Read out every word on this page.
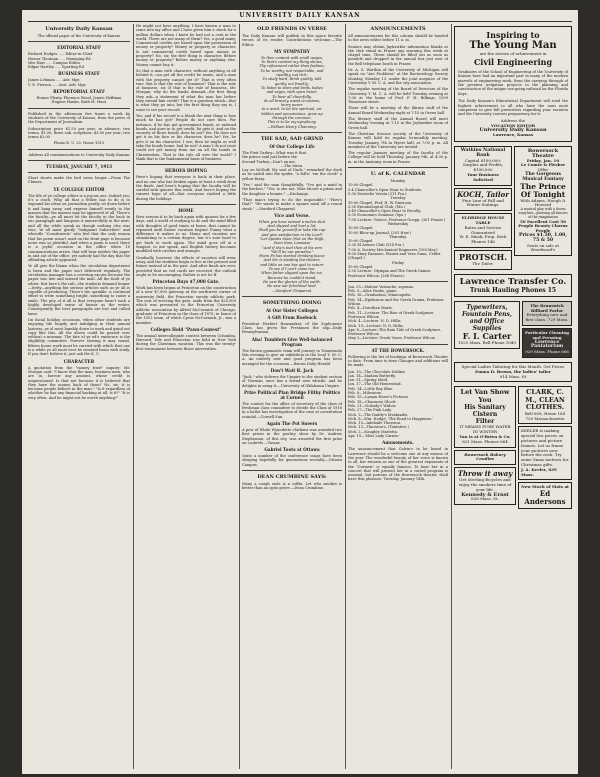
UNIVERSITY DAILY KANSAN
University Daily Kansan
The official paper of the University of Kansas
EDITORIAL STAFF
Richard Hodges ..... Editor-in-Chief
Homer Thorman ..... Managing Ed
Wes Hart ..... Campus Editor
Edgar Hartley ..... Sporting Ed
BUSINESS STAFF
James Lehman ..... Adv. Mgr.
V. E. Pierson ..... Asst. Adv. Mgr.
REPORTORIAL STAFF
Homer Plenty, Florence Wood, Jennie Hoffman
Eugene Hanke, Ruth M. Hunt

Published in the afternoon five times a week by students of the University of Kansas, from the press of the Department of Journalism.

Subscription price $1.50 per year, in advance; two terms, $1.00; three sub. scriptions, $3.00 per year; two terms $2.00.

Phone K. U. 25. Home 1013
Address all communications to University Daily Kansan
TUESDAY, JANUARY 7, 1913

Short shorts make the bed seem longer.—From The Chimes.

YE COLLEGE EDITOR

The life of ye college editor is a joyous one. Indeed yes; it's a cinch. Why, all that a fellow has to do is to expound his ideas on journalism gently, sit down before it and bang away, and express himself evenly to the masses that the masses may be approved of all. There's the faculty—ye all must let the faculty in the back in our paragraph and lampoon it unmercifully in the next; and all the while speak as though nothing else was true. Ye all must gently "Indignant Subscriber" and wheedle "Constituents" who feel that the only reason that his poem wasn't used on the front page is because news was so plentiful. And when a poem is used, there is a joyful occasion in the office when 10 communications arrive, that will bear neither the paper in and out of the office, yet nobody had the day that the offending article appeared.

Ye all gets the blame when the circulation department is been and the paper isn't delivered regularly. The circulation manager has a covering excuse because the paper was late and missed the mail. All the fault of ye editor. But here's the rub—the students demand humor—levity—anything but serious articles such as ye all is capable of producing. There's the sprinkle. A continual effort to write something bright, something to cause a smile. The pity of it all is that everyone hasn't such a highly developed sense of humor as the writer. Consequently the best paragraphs are lost and called lame.

On facial holiday occasions, when other students are enjoying life hugely and indulging in their annual laziness, ye al most humbly down to work and grind out copy like this. All the above could be passed over without a murmur. The fate of ye ed's existence is the eligibility committee. Forever slowing it may sound, fifteen hours work must be carried with which that one is a while ye all must ever be wearied brain with study. If you don't believe it, just ask the K. C.

CHARACTER

A quotation from the "money trust" inquiry: Mr. Morgan said: "I know that the man, business men, who are in, borrow any amount, whose credit is unquestioned. Is that not because it is believed that they have the money back of them? No, sir; it is because people believe in the man." "Is it regardless of whether he has any financial backing at all, is it?" "It is very often. And he might not be worth anything?"

He might not have anything. I have known a man to come into my office and I have given him a check for a million dollars when I knew he had not a cent in the world. There are not many of them? Yes, a good many. Commercial credits are based upon the possession of money or property? Money or property or character. Is not commercial credit based upon money or property? No, sir, the first thing is character. Before money or property? Before money or anything else. Money cannot buy it.

So that a man with character, without anything at all behind it, can get all the credit he wants, and a man with the property cannot get it? That is very often true. But is that the rule of business? That is the rule of business, sir. If that is the rule of business, Mr. Morgan, why do the banks demand—the first thing they ask—a statement of what the man has before they extend him credit? That is a question which—that is what they go into; but the first thing they say is, I want to see your record.

Yes; and if his record is a blank the next thing is how much he has got? People do not care then. For instance, if he has got government bonds, or railroad bonds, and goes in to get credit, he gets it, and on the security of those bonds, does he not? Yes. He does not get it on his face or his character, does he? Yes, he gets it on his character. I see; then he might as well take the bonds home, had he not? A man I do not trust could not get money from me on all the bonds in Christendom. That is the rule all over the world? I think that is the fundamental basis of business.

HEROES HOPING

Here's hoping that everyone is back in their place, and no one who has broken again at least a week from the finals. And here's hoping that the faculty will be careful with quizzes this week. And here's hoping the vainest hope of all—that everyone studied a little during the holidays.

HOME

How serious it to be back again with quizzes for a few days, and a world of studying to do and the mind filled with thoughts of good times at home, that cannot be repeated until Easter vacation begins! Funny what a difference it makes to us. Home and vacation are stimulating to a certain degree, but it's sure hard to get back to work again. The mind goes off at a tangent, to use speak, and English history becomes muddled with catches and oranges.

Gradually, however, the effects of vacation will wear away, and the students begin to live in the present and future instead of in the past. And after finals are over, provided that no red cards are received, the outlook ought to be encouraging. Rather is not be ff.

Princeton Buys $7,000 Gate.

Work has been begun at Princeton on the construction of a new $7,000 gateway at the northwest corner of university field, the Princeton varsity athletic park. The cost of erecting the gate, aside from the $25,000 which was presented to the Princeton University Athletic association by Alfred McCormick of Chicago, graduate of Princeton in the class of 1879, in honor of the 1912 team, of which Cyrus McCormick, Jr., was a member.

Colleges Hold "Pawn-Contest"

The annual intercollegiate contest between Columbia, Harvard, Yale and Princeton was held in New York during the Christmas vacation. This was the twenty-first tournament between these universities.

OLD FRIENDS IN VERSE

The Daily Kansan will publish in this space favorite verses of its reader. Contributions welcome.—The Editor.

MY SYMPATHY
To thee content with small wages,
Ye that's content my thing shows,
Thy refinement rather than fashion;
To be worthy, not respectable, and
wealthy, not rich;
To study hard, think quietly, talk
gently, act frankly;
To listen to stars and birds, babes
and sages, with open heart;
To bear all cheerfully,
do all bravely, await occasions,
hurry never.
In a word, to let the spiritual, un-
bidden and unconscious, grow up
through the common.
This is to be my symphony.
—William Henry Channing.
THE SAD, SAD GRIND
Of Our College Life
The First Turkey—What was it that
the prince said just before the
Second Turkey—Don't ax me.
—The Siren.

Lay on McDuff. My soul of Duck," remarked the duck as he sailed into the spider, "a fall'n' 'em the clock" a yellow fuzzy.

"Yes," said the man thoughtfully, "I've got a maid in the kitchen." "Yes, is she not, Miss Moore a prime and the daughter a bonnie." —Exchange.

"That man's trying to do the impossible." "How's that?" "He wants to make a square meal off a round steak." —Stanford Chaparral.

Vice and Verse.
When you have missed a melon shot
And slipped and hurt a lot,
Shall you be yourself or take the rap
And give satisfaction in the Lord?
"Let Speaks Seen (Not on the High,
Seen Now, Lianoase
"And if she's tied then at his arm
"We'll be our paradise."
Poem Po has started drinking booze
And Mr. is stealing Dorchester,
and little on one has quit to return
To see if I can't come too.
When father slipped upon the ice,
Because he couldn't stand,
He saw the glories of the earth,
He saw our falsehood land.
—Stanford Chaparral.
SOMETHING DOING
At Our Sister Colleges
A Gift From Roebuck

President Herbert Hansmaker, of the Sophomore Class, has given the Freshmen the slip—Daily Pennsylvanian.

Aha! Tumblers Give Well-balanced Program

The Brown gymnastic team will journey to Tonawanda this evening to give an exhibition in the local Y. M. C. A. An entirely new and good program has been arranged for the occasion.—Brown Daily Herald.

Don't Wait R. Jack

"Jack," who delivers the Umpire to the student section of Norman, once has a friend new whistle, and he delights in using it.—University of Oklahoma Umpire.

Prize Political Plan Bridge Filthy Politics at Cornell

The contest for the office of secretary of the class of freshman class committee to decide the Class of 1916 in a ballot has investigation of the case at constitution scandal.—Cornell Sun.

Again The Pot Sneers

A pew of White Wyandotte chickens was awarded two first prizes in the poultry show by Dr. Andrew Stephenson, of this city, was awarded the first prize on cockrels.—Vassar.

Gabriel Toots at Ottawa

Quite a number of the conference songs have been sleeping hopefully for generations recently.—Ottawa Campus.

DEAN CRUMBINE SAYS:

Many a cough ends is a coffin. Let who smokes is better than an open grave.—Dean Crumbine.

ANNOUNCEMENTS

All announcements for this column should be handed to the news editor before 11 a. m.

Seniors may obtain Jayhawker information blanks at the club stand in Fraser any morning this week at chapel time. These should be filled out as soon as possible and dropped in the annual box just east of the Bell telephone booth in Fraser.

Dr. A. S. Warthin of the University of Michigan will speak on "Are Problems" at the Bacteriology Society Monday, Monday 13, under the joint auspices of the University Y. M. C. A. and the city association.

The regular meeting of the Board of Directors of the University Y. M. C. A. will be held Tuesday evening at 7:30 at the home of Prof. F. H. Billings, 1309 Tennessee street.

There will be a meeting of the library staff of the Annual Board Wednesday night at 7:15 in Green hall.

The literary staff of the Annual Board will meet Wednesday evening at 7:15 in the Jayhawker room of Green hall.

The Christian Science society of the University of Kansas will hold its regular bi-monthly meeting, Tuesday January 7th in Myers hall, at 7:00 p. m. All members of the University are invited.

The regular January meeting of the faculty of the College will be held Thursday, January 9th, at 4:30 p. m. in the Anatomy room in Fraser.

U. of K. CALENDAR
Monday
10:00 Chapel.
5:4 Chancellor's Open Hour to Students.
5:30 Deutsche Verein (311 Fra.)
Tuesday
10:00 Chapel. Prof. H. W. Emerson.
3:30 Entomological Club, (Mu.)
3:45 Chancellor's Open Hour to Faculty.
5:30 Economics Seminar, (Sps.)
7:00 Lecture: Greece, Professor Goepp. (301 Fraser.)
Wednesday
10:00 Chapel.
10:00 Blow-up Journal, (201 Haw.)
Thursday.
10:00 Chapel.
3:30 El Ateneo Club (314 Fra.)
7:00 A. Society Mechanical Engineers (108 Mar.)
8:00 Mary Pannone, Pianist and Vera Gunn, Cellist (Chapel.)
Friday
10:00 Chapel.
3:30 Lecture: Olympia and The Greek Games, Professor Wilcox, (206 Fraser.)
Jan. 25—Malone Varnache, soprano.
Feb. 5—Alice Rooks, piano.
Feb. 16—Graduation, Minneapolis.
Feb. 14—Epidaurus and the Greek Drama, Professor Wilcox.
Feb. 4—Dorothea Marie.
Feb. 11—Lecture: The Rise of Greek Sculpture, Professor Wilcox.
Mch. 4—Lecture: N. D. Hillis.
Mch. 19—Lecture: N. D. Hillis.
Apr. 8—Lecture: The Rain Tide of Greek Sculpture, Professor Wilcox.
May 2—Lecture: Greek Vases, Professor Wilcox.
AT THE BOWERSOCK.

Following is the list of bookings of Bowersock Theater to date. From time to time Changes and additions will be made.

Jan. 10—The Chocolate Soldier.
Jan. 14—Madam Butterfly.
Jan. 31—Spring Maid.
Jan. 17—The Old Homestead.
Feb. 14—Little Boy Blue.
Feb. 8—Milestone.
Feb. 15—Lyman Howe's Pictures.
Feb. 18—Chauncey Olcott.
Feb. 21—Nobody's Widow.
Feb. 27—The Pink Lady.
Mch. 3—The Daddy's Muskeadis.
Mch. 8—Wm. Hodge, 'The Road to Happiness.'
Mch. 15—Adelaide Thurston.
Mch. 13—Thurston's. (Tentative.)
Mch. 2—Naughty Marietta.
Apr. 19—'Miss Lady Carnes.'
Amusements.

The announcement that Calvin's to be heard in Lawrence should be a welcome one at any season of the year. The wonderful beauty of her voice is known to all, her renown as one of the greatest exponents of the "Carmen" is equally famous. To hear her in a concert that will present her in a varied program is unusual, but patrons of the Bowersock theater, shall have this pleasure, Tuesday, January 14th.

Inspiring to
The Young Man
are the stories of achievement in
Civil Engineering

Graduates of the School of Engineering of the University of Kansas have had an important part in many of the modern marvels of engineering work, from the carrying through of the greatest irrigation projects to the planning and construction of the unique sea-going railroad on the Florida Keys.

The Daily Kansan's Educational Department will send the highest achievement to all who have the ones most competent to give full particulars regarding your vacation and the University courses preparatory for it.

Address the
VOCATION EDITOR
University Daily Kansan
Lawrence, Kansas
Watkins National Bank
Capital $100,000; Surplus and Profits, $100,000
Your Business Solicited
KOCH, Tailor
Fine Line of Fall and Winter Suitings.
ELDRIDGE HOUSE TABLE
Rates and Service Guaranteed
W. E. Meak, Prop. Both Phones 146
PROTSCH.
The Tailor.
Bowersock Theatre
Friday, Jan. 10
Le Comte & Flesher
Offer
The Gorgeous Musical Fantasy
The Prince Of Tonight
With Adams, Hough & Howard
A musical play with a dozen song-hits—pleasing all fancies of the imagination
50 Excellent Cast 50
People Beauty Chorus People
Prices $1.50, 1.00, 75 & 50
Seats on sale at Woodward's
Lawrence Transfer Co.
Trunk Hauling Phones 15
Typewriters, Fountain Pens, and Office Supplies
F. I. Carter
1025 Mass. Bell Phone 1049
The Brunswick Billiard Parlor
Everything new and first class. 729 Mass.
Particular Cleaning and Pressing
Lawrence Pantatorium
929 Mass. Phone 666
Special Ladies Tailoring for this Month. Get Prices
Emma D. Brown, the ladies' tailor
914 Mass. St
Let Van Show You
His Sanitary Cistern
Filter
IT MEANS PURE WATER IN WINTER
Van is at O'Brien & Co.
621 Mass. Phones 664
Bowersock Bakery Candies
Throw it away
Get Sterling Bicycles and enjoy the smokers time of your life.
Kennedy & Ernst
826 Mass. St.
CLARK, C. M., CLEAN CLOTHES.
Bell 808, Home 168 730 Massachusetts
KEELER is making special low prices on pictures and picture frames. Let us frame your pictures now before the rush. Try some Xmas mottoes for Christmas gifts.
J. A. Keeler, 839 Mass.
New Stock of Mats at
Ed Andersons
